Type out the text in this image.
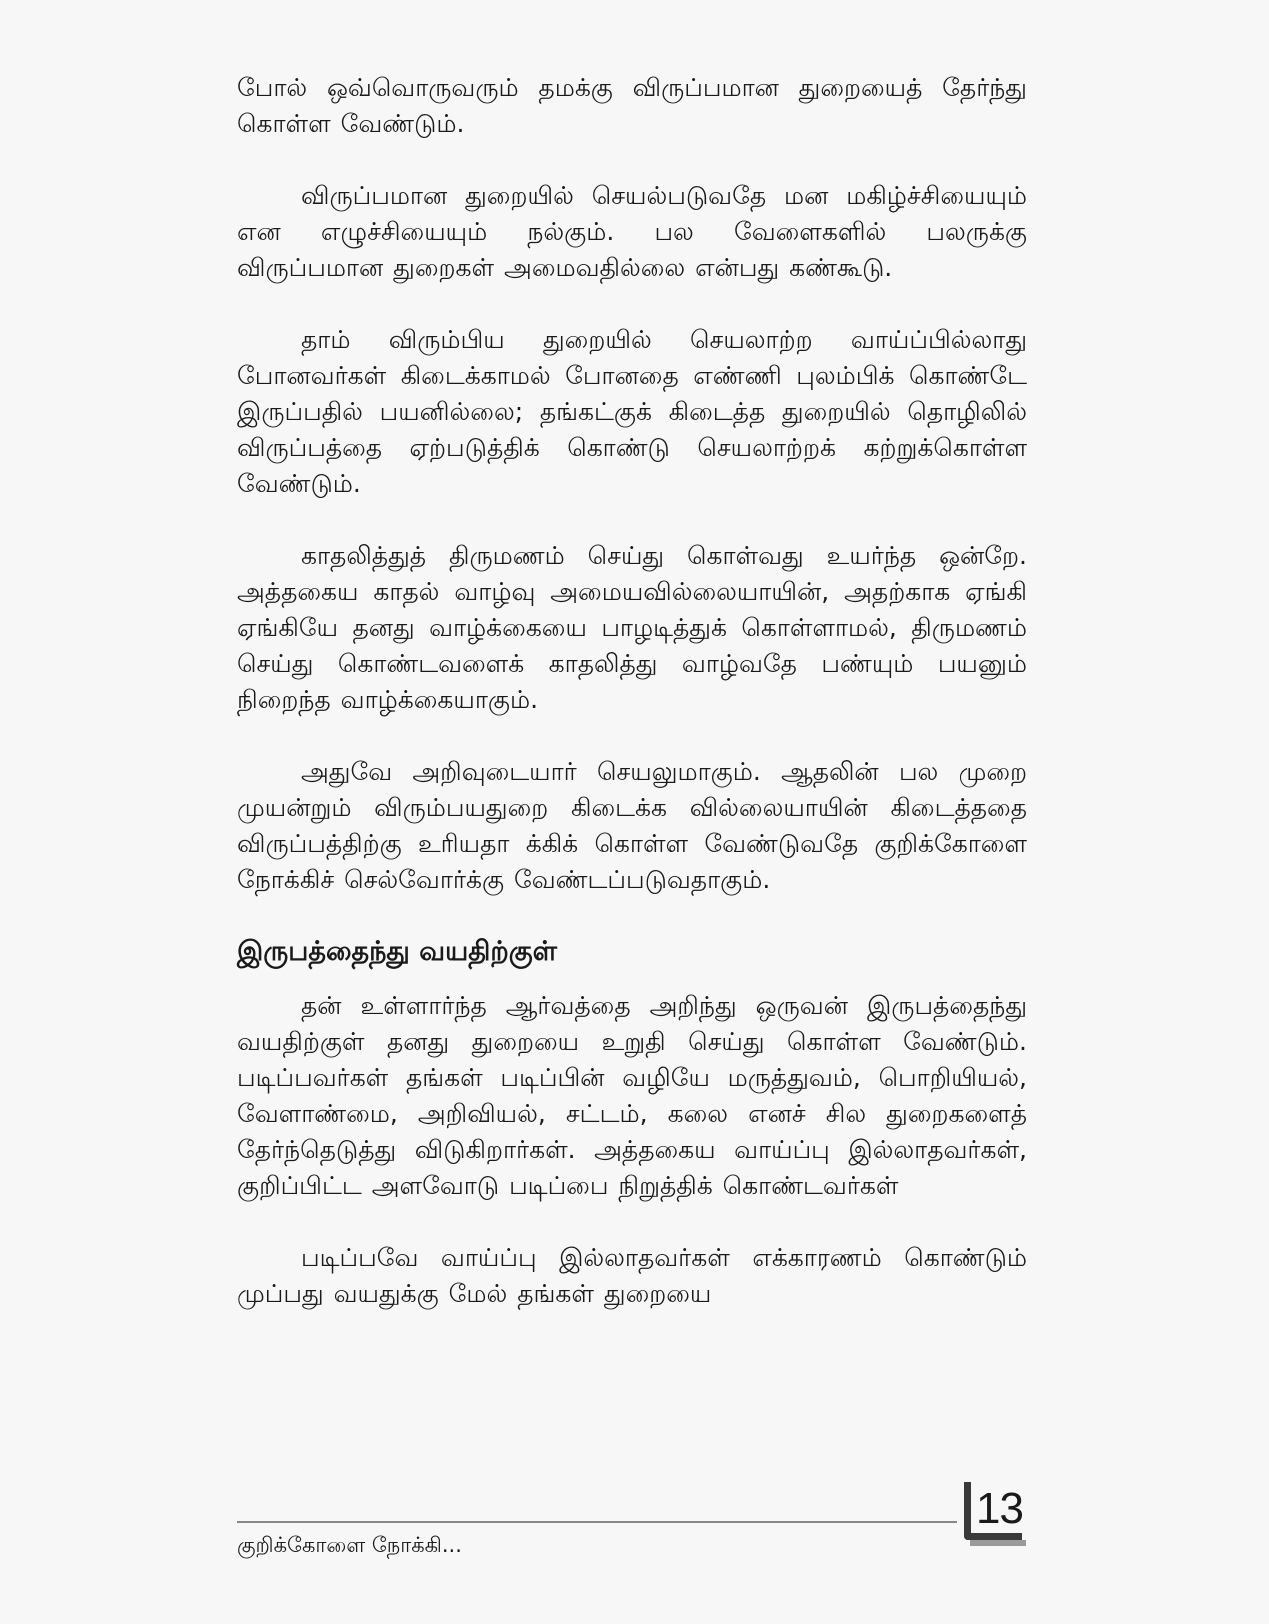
போல் ஒவ்வொருவரும் தமக்கு விருப்பமான துறையைத் தேர்ந்து கொள்ள வேண்டும்.

விருப்பமான துறையில் செயல்படுவதே மன மகிழ்ச்சியையும் என எழுச்சியையும் நல்கும். பல வேளைகளில் பலருக்கு விருப்பமான துறைகள் அமைவதில்லை என்பது கண்கூடு.

தாம் விரும்பிய துறையில் செயலாற்ற வாய்ப்பில்லாது போனவர்கள் கிடைக்காமல் போனதை எண்ணி புலம்பிக் கொண்டே இருப்பதில் பயனில்லை; தங்கட்குக் கிடைத்த துறையில் தொழிலில் விருப்பத்தை ஏற்படுத்திக் கொண்டு செயலாற்றக் கற்றுக்கொள்ள வேண்டும்.

காதலித்துத் திருமணம் செய்து கொள்வது உயர்ந்த ஒன்றே. அத்தகைய காதல் வாழ்வு அமையவில்லையாயின், அதற்காக ஏங்கி ஏங்கியே தனது வாழ்க்கையை பாழடித்துக் கொள்ளாமல், திருமணம் செய்து கொண்டவளைக் காதலித்து வாழ்வதே பண்யும் பயனும் நிறைந்த வாழ்க்கையாகும்.

அதுவே அறிவுடையார் செயலுமாகும். ஆதலின் பல முறை முயன்றும் விரும்பயதுறை கிடைக்க வில்லையாயின் கிடைத்ததை விருப்பத்திற்கு உரியதா க்கிக் கொள்ள வேண்டுவதே குறிக்கோளை நோக்கிச் செல்வோர்க்கு வேண்டப்படுவதாகும்.

இருபத்தைந்து வயதிற்குள்

தன் உள்ளார்ந்த ஆர்வத்தை அறிந்து ஒருவன் இருபத்தைந்து வயதிற்குள் தனது துறையை உறுதி செய்து கொள்ள வேண்டும். படிப்பவர்கள் தங்கள் படிப்பின் வழியே மருத்துவம், பொறியியல், வேளாண்மை, அறிவியல், சட்டம், கலை எனச் சில துறைகளைத் தேர்ந்தெடுத்து விடுகிறார்கள். அத்தகைய வாய்ப்பு இல்லாதவர்கள், குறிப்பிட்ட அளவோடு படிப்பை நிறுத்திக் கொண்டவர்கள்

படிப்பவே வாய்ப்பு இல்லாதவர்கள் எக்காரணம் கொண்டும் முப்பது வயதுக்கு மேல் தங்கள் துறையை

குறிக்கோளை நோக்கி...
13
